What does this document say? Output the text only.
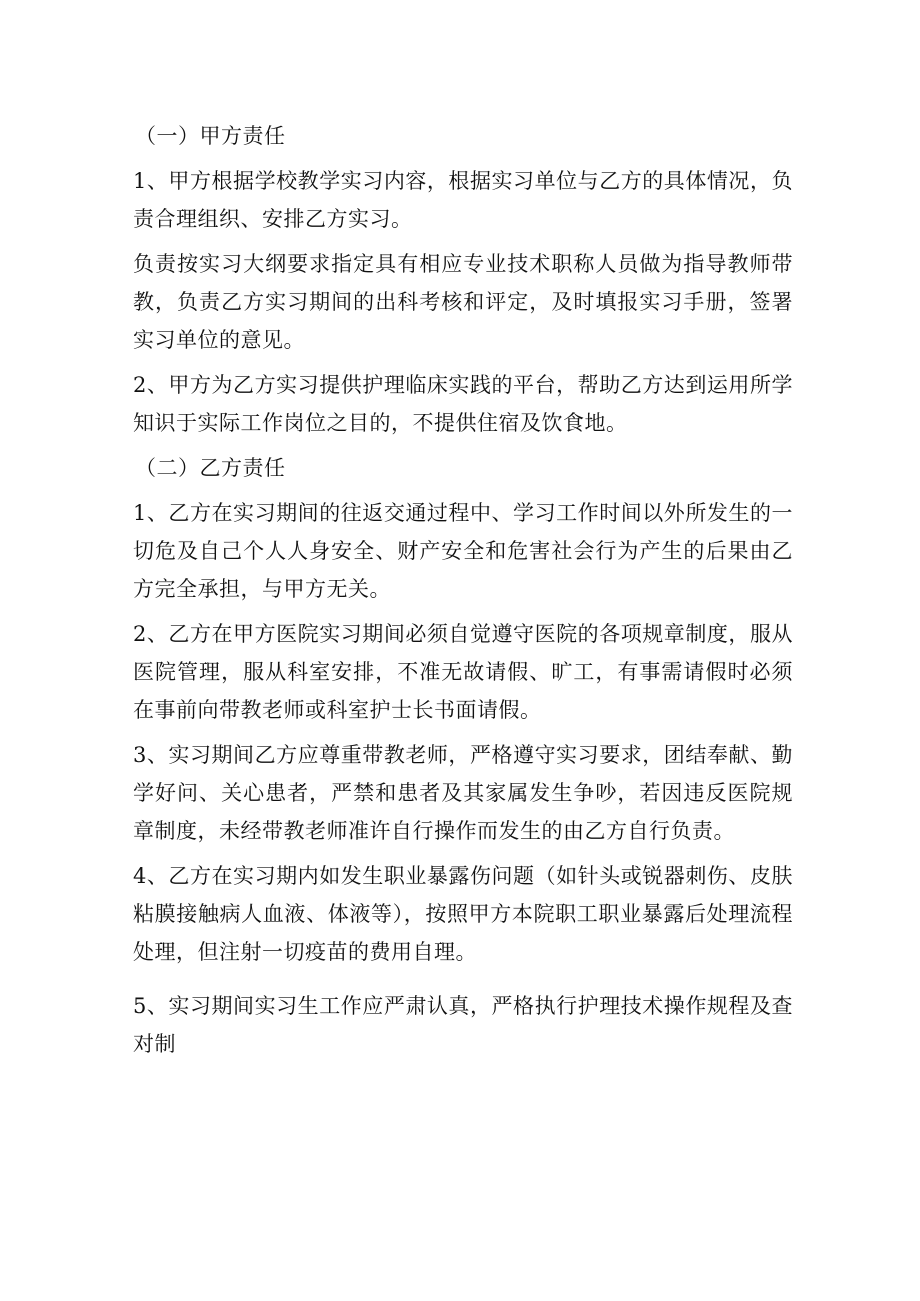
（一）甲方责任

1、甲方根据学校教学实习内容，根据实习单位与乙方的具体情况，负责合理组织、安排乙方实习。

负责按实习大纲要求指定具有相应专业技术职称人员做为指导教师带教，负责乙方实习期间的出科考核和评定，及时填报实习手册，签署实习单位的意见。

2、甲方为乙方实习提供护理临床实践的平台，帮助乙方达到运用所学知识于实际工作岗位之目的，不提供住宿及饮食地。

（二）乙方责任

1、乙方在实习期间的往返交通过程中、学习工作时间以外所发生的一切危及自己个人人身安全、财产安全和危害社会行为产生的后果由乙方完全承担，与甲方无关。

2、乙方在甲方医院实习期间必须自觉遵守医院的各项规章制度，服从医院管理，服从科室安排，不准无故请假、旷工，有事需请假时必须在事前向带教老师或科室护士长书面请假。

3、实习期间乙方应尊重带教老师，严格遵守实习要求，团结奉献、勤学好问、关心患者，严禁和患者及其家属发生争吵，若因违反医院规章制度，未经带教老师准许自行操作而发生的由乙方自行负责。

4、乙方在实习期内如发生职业暴露伤问题（如针头或锐器刺伤、皮肤粘膜接触病人血液、体液等），按照甲方本院职工职业暴露后处理流程处理，但注射一切疫苗的费用自理。

5、实习期间实习生工作应严肃认真，严格执行护理技术操作规程及查对制
